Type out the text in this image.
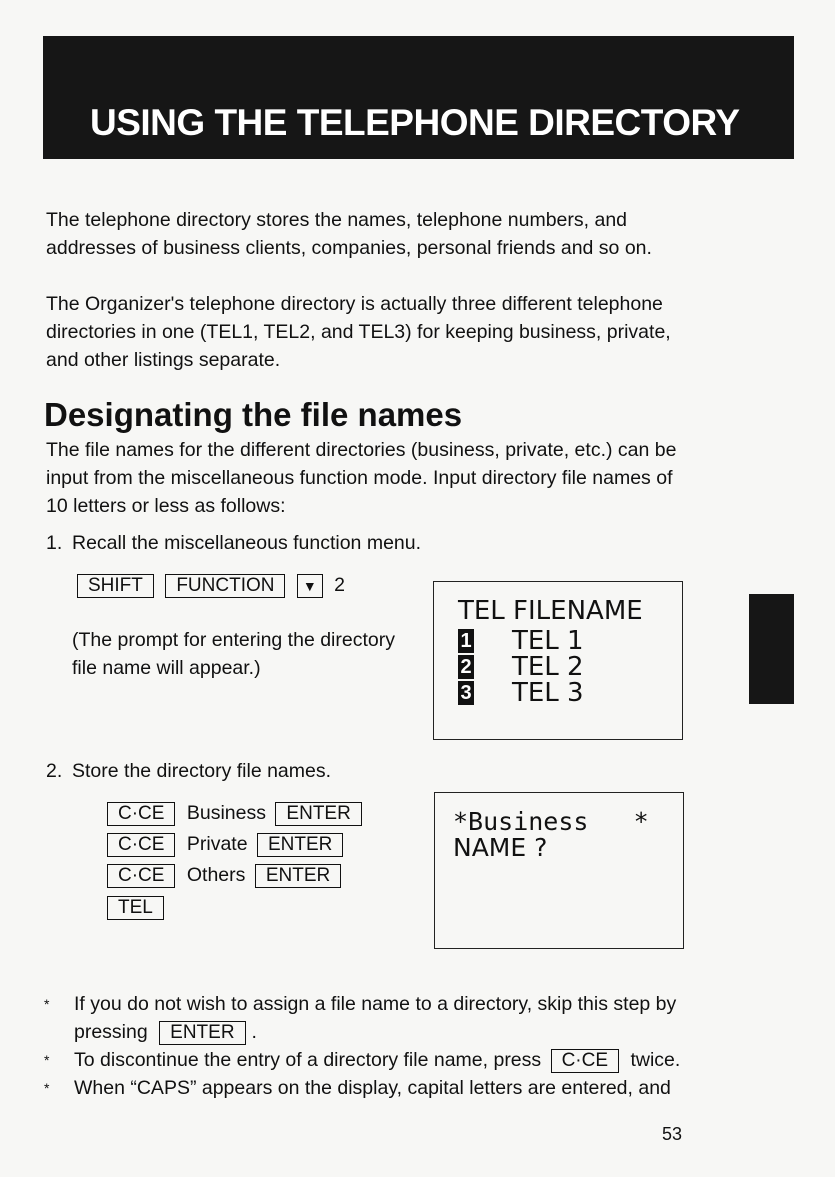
USING THE TELEPHONE DIRECTORY

The telephone directory stores the names, telephone numbers, and addresses of business clients, companies, personal friends and so on.

The Organizer's telephone directory is actually three different telephone directories in one (TEL1, TEL2, and TEL3) for keeping business, private, and other listings separate.

Designating the file names

The file names for the different directories (business, private, etc.) can be input from the miscellaneous function mode. Input directory file names of 10 letters or less as follows:

1. Recall the miscellaneous function menu.
SHIFT FUNCTION ▼ 2

(The prompt for entering the directory file name will appear.)

TEL FILENAME
1 TEL 1
2 TEL 2
3 TEL 3
2. Store the directory file names.
C·CE Business ENTER
C·CE Private ENTER
C·CE Others ENTER
TEL
*Business   *
NAME ?
* If you do not wish to assign a file name to a directory, skip this step by pressing ENTER .
* To discontinue the entry of a directory file name, press C·CE twice.
* When “CAPS” appears on the display, capital letters are entered, and
53
